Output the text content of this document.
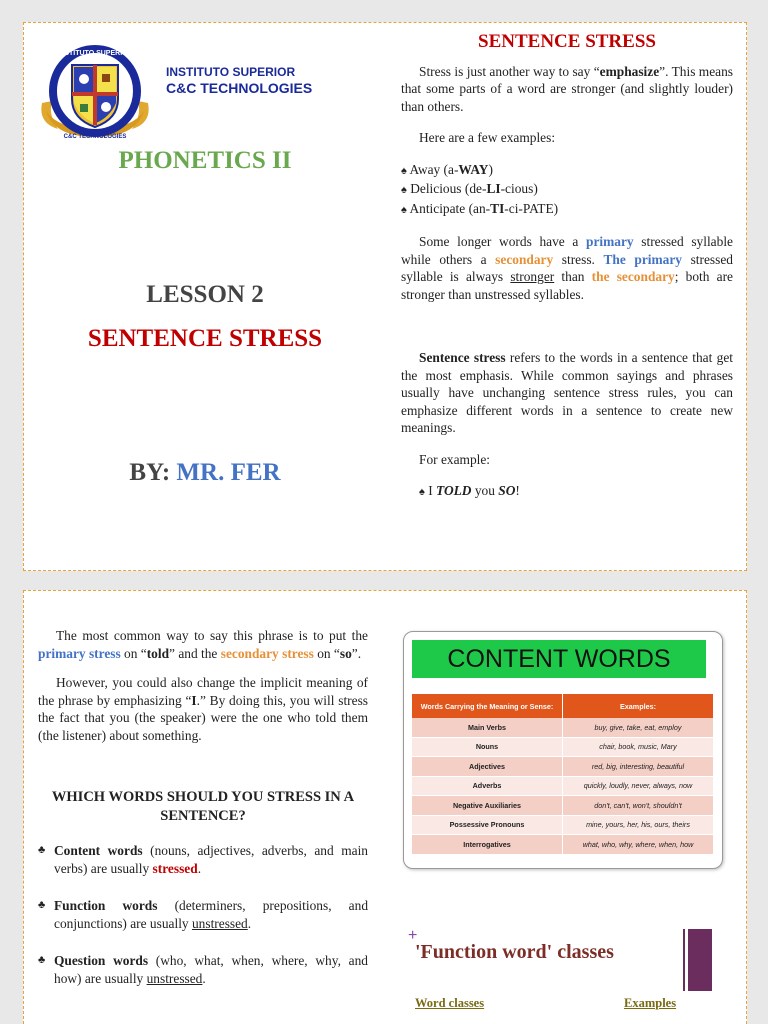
INSTITUTO SUPERIOR
C&C TECHNOLOGIES
INSTITUTO SUPERIOR
C&C TECHNOLOGIES
PHONETICS II
LESSON 2
SENTENCE STRESS
BY: MR. FER
SENTENCE STRESS

Stress is just another way to say “emphasize”. This means that some parts of a word are stronger (and slightly louder) than others.

Here are a few examples:

♠ Away (a-WAY)
♠ Delicious (de-LI-cious)
♠ Anticipate (an-TI-ci-PATE)

Some longer words have a primary stressed syllable while others a secondary stress. The primary stressed syllable is always stronger than the secondary; both are stronger than unstressed syllables.

Sentence stress refers to the words in a sentence that get the most emphasis. While common sayings and phrases usually have unchanging sentence stress rules, you can emphasize different words in a sentence to create new meanings.

For example:

♠ I TOLD you SO!

The most common way to say this phrase is to put the primary stress on “told” and the secondary stress on “so”.

However, you could also change the implicit meaning of the phrase by emphasizing “I.” By doing this, you will stress the fact that you (the speaker) were the one who told them (the listener) about something.

WHICH WORDS SHOULD YOU STRESS IN A SENTENCE?
♣ Content words (nouns, adjectives, adverbs, and main verbs) are usually stressed.
♣ Function words (determiners, prepositions, and conjunctions) are usually unstressed.
♣ Question words (who, what, when, where, why, and how) are usually unstressed.
CONTENT WORDS
Words Carrying the Meaning or Sense:	Examples:
Main Verbs	buy, give, take, eat, employ
Nouns	chair, book, music, Mary
Adjectives	red, big, interesting, beautiful
Adverbs	quickly, loudly, never, always, now
Negative Auxiliaries	don't, can't, won't, shouldn't
Possessive Pronouns	mine, yours, her, his, ours, theirs
Interrogatives	what, who, why, where, when, how
+
'Function word' classes
Word classes	Examples
